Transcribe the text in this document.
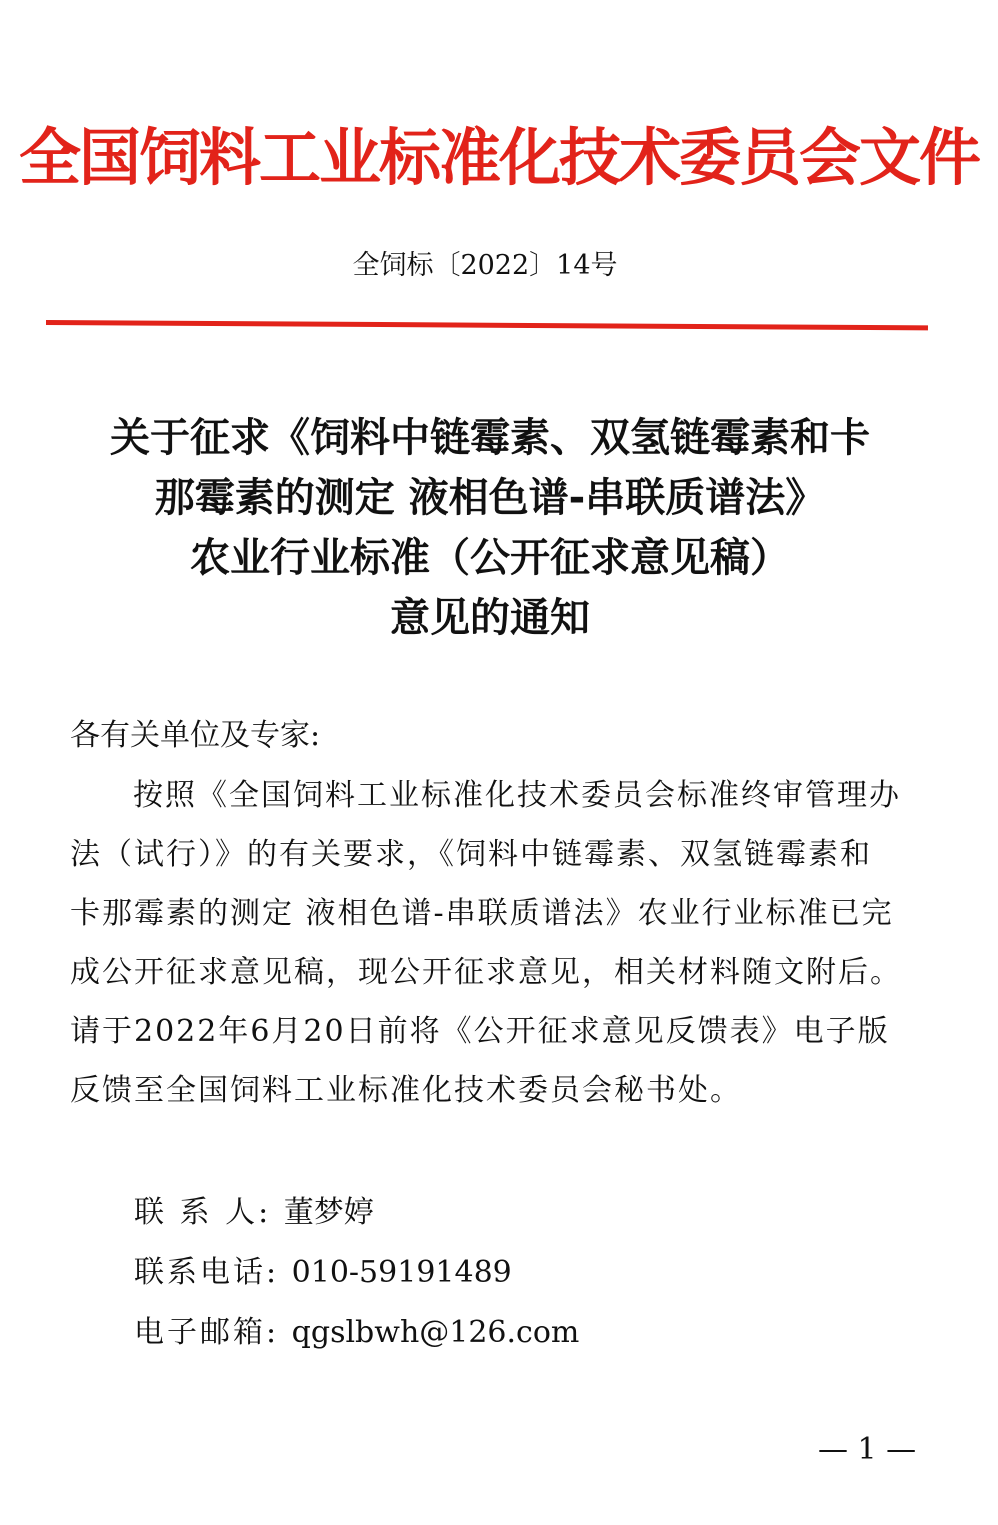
全国饲料工业标准化技术委员会文件
全饲标〔2022〕14号
关于征求《饲料中链霉素、双氢链霉素和卡
那霉素的测定 液相色谱-串联质谱法》
农业行业标准（公开征求意见稿）
意见的通知
各有关单位及专家:
按照《全国饲料工业标准化技术委员会标准终审管理办
法（试行）》的有关要求，《饲料中链霉素、双氢链霉素和
卡那霉素的测定 液相色谱-串联质谱法》农业行业标准已完
成公开征求意见稿，现公开征求意见，相关材料随文附后。
请于2022年6月20日前将《公开征求意见反馈表》电子版
反馈至全国饲料工业标准化技术委员会秘书处。
联 系 人: 董梦婷
联系电话: 010-59191489
电子邮箱: qgslbwh@126.com
— 1 —
